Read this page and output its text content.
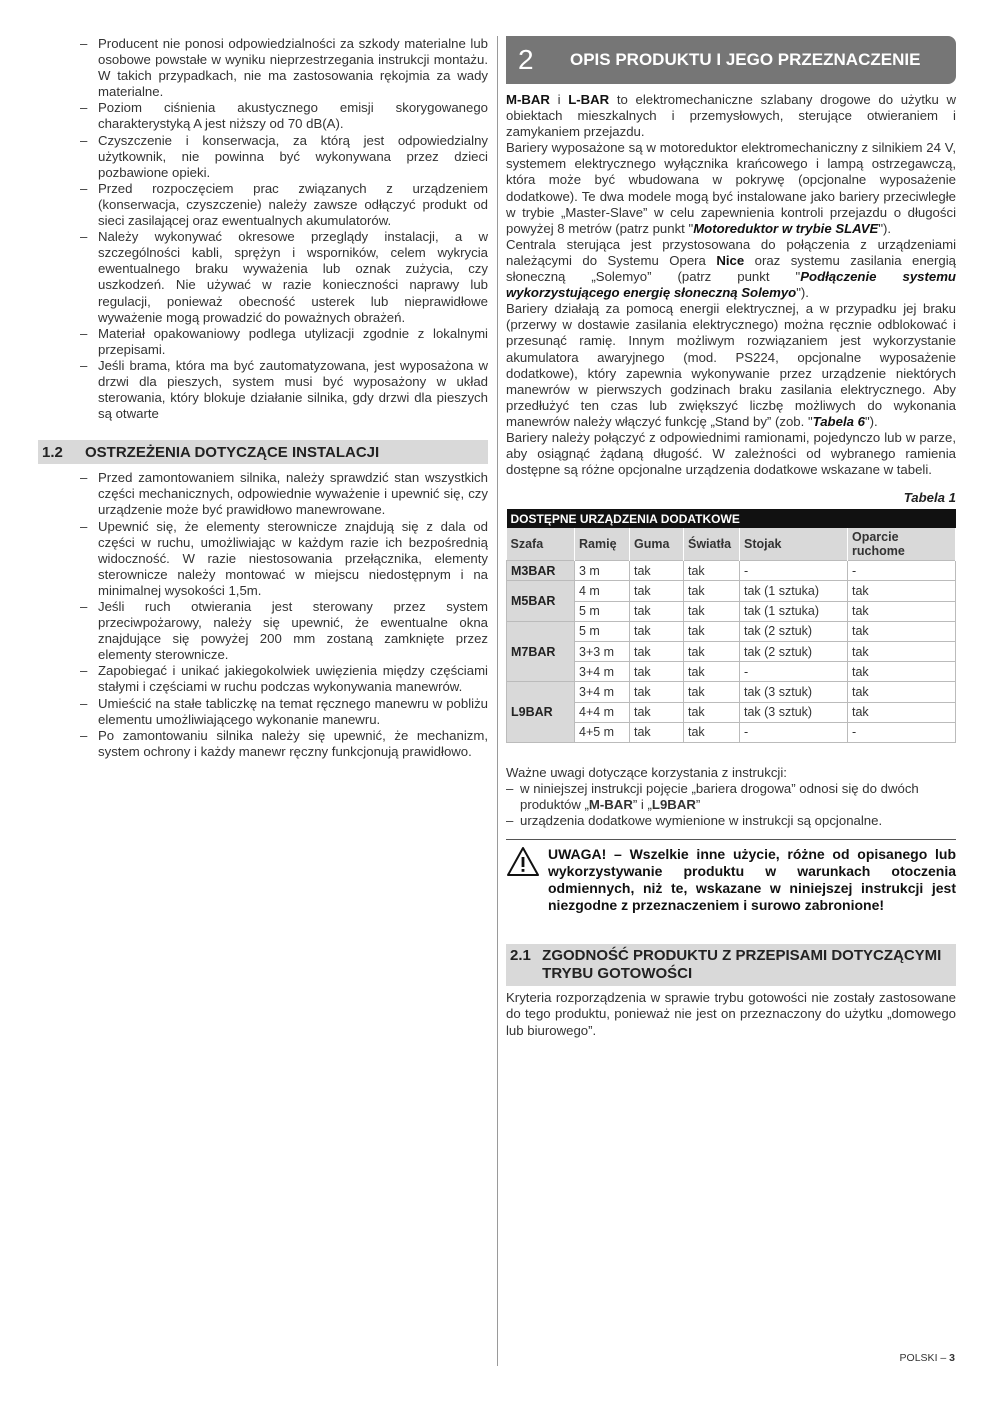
– Producent nie ponosi odpowiedzialności za szkody materialne lub osobowe powstałe w wyniku nieprzestrzegania instrukcji montażu. W takich przypadkach, nie ma zastosowania rękojmia za wady materialne.
– Poziom ciśnienia akustycznego emisji skorygowanego charakterystyką A jest niższy od 70 dB(A).
– Czyszczenie i konserwacja, za którą jest odpowiedzialny użytkownik, nie powinna być wykonywana przez dzieci pozbawione opieki.
– Przed rozpoczęciem prac związanych z urządzeniem (konserwacja, czyszczenie) należy zawsze odłączyć produkt od sieci zasilającej oraz ewentualnych akumulatorów.
– Należy wykonywać okresowe przeglądy instalacji, a w szczególności kabli, sprężyn i wsporników, celem wykrycia ewentualnego braku wyważenia lub oznak zużycia, czy uszkodzeń. Nie używać w razie konieczności naprawy lub regulacji, ponieważ obecność usterek lub nieprawidłowe wyważenie mogą prowadzić do poważnych obrażeń.
– Materiał opakowaniowy podlega utylizacji zgodnie z lokalnymi przepisami.
– Jeśli brama, która ma być zautomatyzowana, jest wyposażona w drzwi dla pieszych, system musi być wyposażony w układ sterowania, który blokuje działanie silnika, gdy drzwi dla pieszych są otwarte
1.2	OSTRZEŻENIA DOTYCZĄCE INSTALACJI
– Przed zamontowaniem silnika, należy sprawdzić stan wszystkich części mechanicznych, odpowiednie wyważenie i upewnić się, czy urządzenie może być prawidłowo manewrowane.
– Upewnić się, że elementy sterownicze znajdują się z dala od części w ruchu, umożliwiając w każdym razie ich bezpośrednią widoczność. W razie niestosowania przełącznika, elementy sterownicze należy montować w miejscu niedostępnym i na minimalnej wysokości 1,5m.
– Jeśli ruch otwierania jest sterowany przez system przeciwpożarowy, należy się upewnić, że ewentualne okna znajdujące się powyżej 200 mm zostaną zamknięte przez elementy sterownicze.
– Zapobiegać i unikać jakiegokolwiek uwięzienia między częściami stałymi i częściami w ruchu podczas wykonywania manewrów.
– Umieścić na stałe tabliczkę na temat ręcznego manewru w pobliżu elementu umożliwiającego wykonanie manewru.
– Po zamontowaniu silnika należy się upewnić, że mechanizm, system ochrony i każdy manewr ręczny funkcjonują prawidłowo.
2	OPIS PRODUKTU I JEGO PRZEZNACZENIE

M-BAR i L-BAR to elektromechaniczne szlabany drogowe do użytku w obiektach mieszkalnych i przemysłowych, sterujące otwieraniem i zamykaniem przejazdu.

Bariery wyposażone są w motoreduktor elektromechaniczny z silnikiem 24 V, systemem elektrycznego wyłącznika krańcowego i lampą ostrzegawczą, która może być wbudowana w pokrywę (opcjonalne wyposażenie dodatkowe). Te dwa modele mogą być instalowane jako bariery przeciwległe w trybie „Master-Slave” w celu zapewnienia kontroli przejazdu o długości powyżej 8 metrów (patrz punkt "Motoreduktor w trybie SLAVE").

Centrala sterująca jest przystosowana do połączenia z urządzeniami należącymi do Systemu Opera Nice oraz systemu zasilania energią słoneczną „Solemyo” (patrz punkt "Podłączenie systemu wykorzystującego energię słoneczną Solemyo").

Bariery działają za pomocą energii elektrycznej, a w przypadku jej braku (przerwy w dostawie zasilania elektrycznego) można ręcznie odblokować i przesunąć ramię. Innym możliwym rozwiązaniem jest wykorzystanie akumulatora awaryjnego (mod. PS224, opcjonalne wyposażenie dodatkowe), który zapewnia wykonywanie przez urządzenie niektórych manewrów w pierwszych godzinach braku zasilania elektrycznego. Aby przedłużyć ten czas lub zwiększyć liczbę możliwych do wykonania manewrów należy włączyć funkcję „Stand by” (zob. "Tabela 6").

Bariery należy połączyć z odpowiednimi ramionami, pojedynczo lub w parze, aby osiągnąć żądaną długość. W zależności od wybranego ramienia dostępne są różne opcjonalne urządzenia dodatkowe wskazane w tabeli.

Tabela 1
DOSTĘPNE URZĄDZENIA DODATKOWE					
Szafa	Ramię	Guma	Światła	Stojak	Oparcie ruchome
M3BAR	3 m	tak	tak	-	-
M5BAR	4 m	tak	tak	tak (1 sztuka)	tak
	5 m	tak	tak	tak (1 sztuka)	tak
M7BAR	5 m	tak	tak	tak (2 sztuk)	tak
	3+3 m	tak	tak	tak (2 sztuk)	tak
	3+4 m	tak	tak	-	tak
L9BAR	3+4 m	tak	tak	tak (3 sztuk)	tak
	4+4 m	tak	tak	tak (3 sztuk)	tak
	4+5 m	tak	tak	-	-

Ważne uwagi dotyczące korzystania z instrukcji:

– w niniejszej instrukcji pojęcie „bariera drogowa” odnosi się do dwóch produktów „M-BAR” i „L9BAR”
– urządzenia dodatkowe wymienione w instrukcji są opcjonalne.

UWAGA! – Wszelkie inne użycie, różne od opisanego lub wykorzystywanie produktu w warunkach otoczenia odmiennych, niż te, wskazane w niniejszej instrukcji jest niezgodne z przeznaczeniem i surowo zabronione!

2.1 ZGODNOŚĆ PRODUKTU Z PRZEPISAMI DOTYCZĄCYMI TRYBU GOTOWOŚCI

Kryteria rozporządzenia w sprawie trybu gotowości nie zostały zastosowane do tego produktu, ponieważ nie jest on przeznaczony do użytku „domowego lub biurowego”.

POLSKI – 3
